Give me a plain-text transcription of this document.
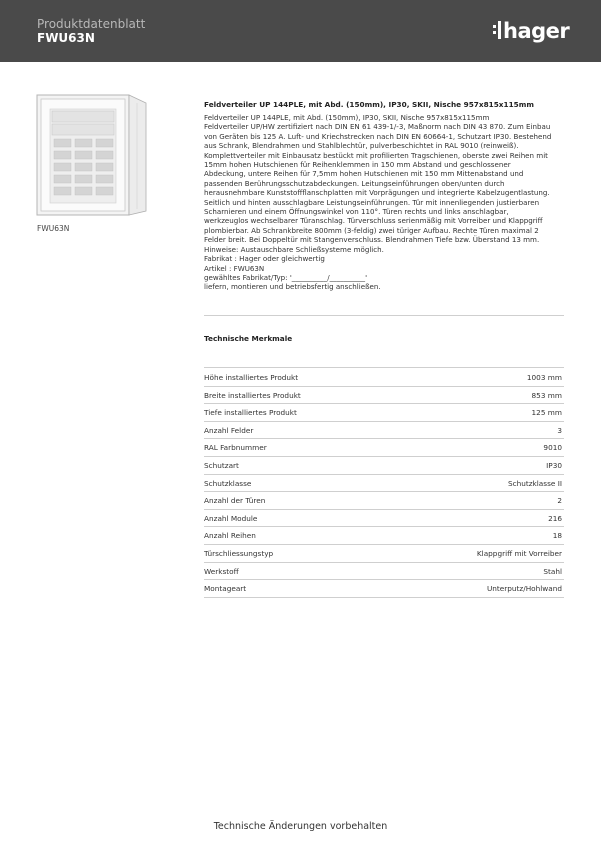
Produktdatenblatt
FWU63N	hager
FWU63N
Feldverteiler UP 144PLE, mit Abd. (150mm), IP30, SKII, Nische 957x815x115mm
Feldverteiler UP 144PLE, mit Abd. (150mm), IP30, SKII, Nische 957x815x115mm
Feldverteiler UP/HW zertifiziert nach DIN EN 61 439-1/-3, Maßnorm nach DIN 43 870. Zum Einbau
von Geräten bis 125 A. Luft- und Kriechstrecken nach DIN EN 60664-1, Schutzart IP30. Bestehend
aus Schrank, Blendrahmen und Stahlblechtür, pulverbeschichtet in RAL 9010 (reinweiß).
Komplettverteiler mit Einbausatz bestückt mit profilierten Tragschienen, oberste zwei Reihen mit
15mm hohen Hutschienen für Reihenklemmen in 150 mm Abstand und geschlossener
Abdeckung, untere Reihen für 7,5mm hohen Hutschienen mit 150 mm Mittenabstand und
passenden Berührungsschutzabdeckungen. Leitungseinführungen oben/unten durch
herausnehmbare Kunststoffflanschplatten mit Vorprägungen und integrierte Kabelzugentlastung.
Seitlich und hinten ausschlagbare Leistungseinführungen. Tür mit innenliegenden justierbaren
Scharnieren und einem Öffnungswinkel von 110°. Türen rechts und links anschlagbar,
werkzeuglos wechselbarer Türanschlag. Türverschluss serienmäßig mit Vorreiber und Klappgriff
plombierbar. Ab Schrankbreite 800mm (3-feldig) zwei türiger Aufbau. Rechte Türen maximal 2
Felder breit. Bei Doppeltür mit Stangenverschluss. Blendrahmen Tiefe bzw. Überstand 13 mm.
Hinweise: Austauschbare Schließsysteme möglich.
Fabrikat : Hager oder gleichwertig
Artikel : FWU63N
gewähltes Fabrikat/Typ: '__________/__________'
liefern, montieren und betriebsfertig anschließen.
Technische Merkmale
Höhe installiertes Produkt	1003 mm
Breite installiertes Produkt	853 mm
Tiefe installiertes Produkt	125 mm
Anzahl Felder	3
RAL Farbnummer	9010
Schutzart	IP30
Schutzklasse	Schutzklasse II
Anzahl der Türen	2
Anzahl Module	216
Anzahl Reihen	18
Türschliessungstyp	Klappgriff mit Vorreiber
Werkstoff	Stahl
Montageart	Unterputz/Hohlwand
Technische Änderungen vorbehalten
